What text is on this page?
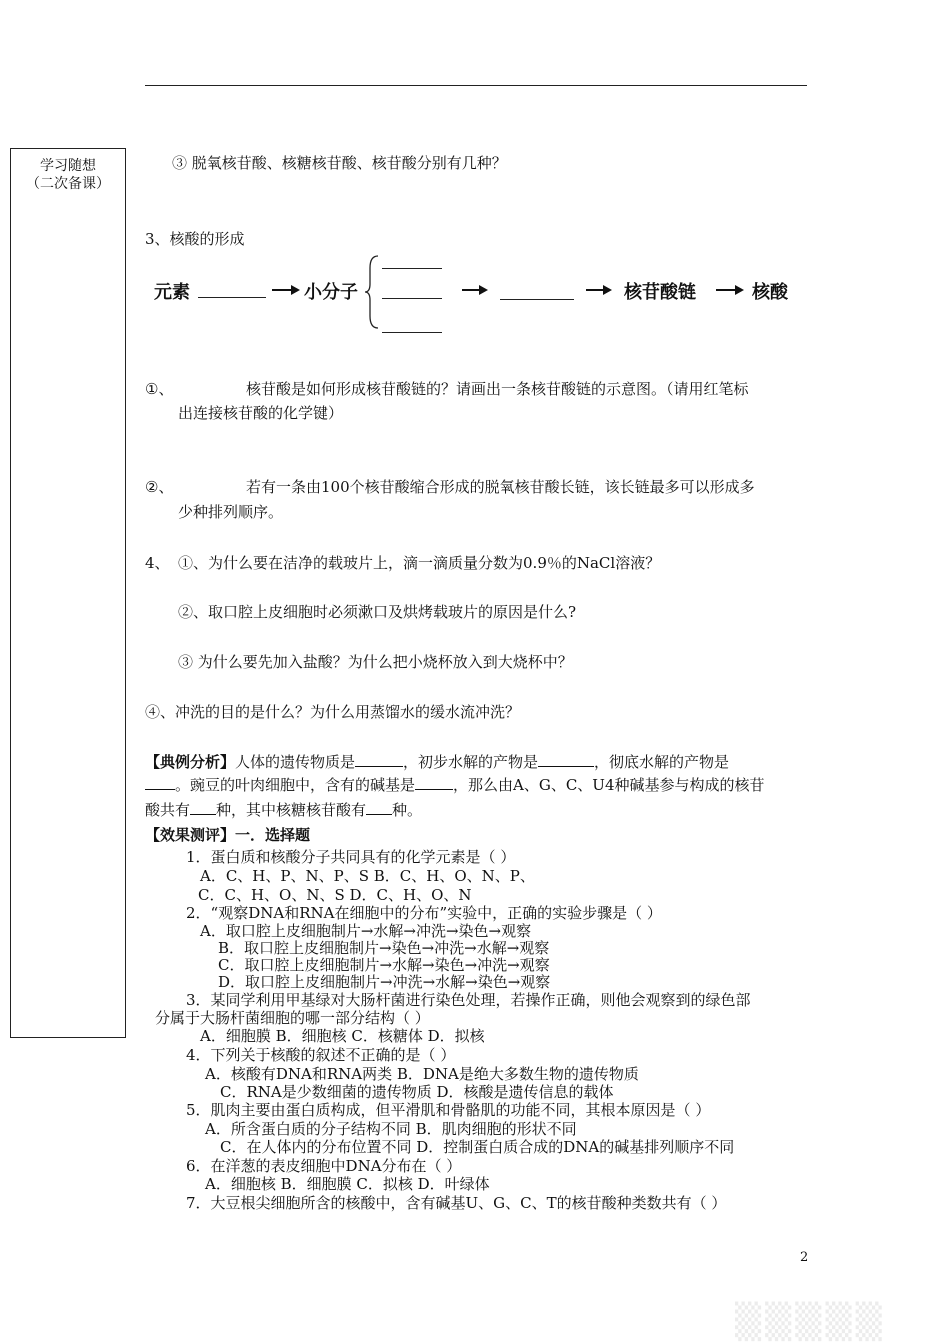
学习随想
（二次备课）
③ 脱氧核苷酸、核糖核苷酸、核苷酸分别有几种？
3、核酸的形成
元素	小分子	核苷酸链	核酸
①、	核苷酸是如何形成核苷酸链的？请画出一条核苷酸链的示意图。（请用红笔标
出连接核苷酸的化学键）
②、	若有一条由100个核苷酸缩合形成的脱氧核苷酸长链，该长链最多可以形成多
少种排列顺序。
4、 ①、为什么要在洁净的载玻片上，滴一滴质量分数为0.9％的NaCl溶液？
②、取口腔上皮细胞时必须漱口及烘烤载玻片的原因是什么?
③ 为什么要先加入盐酸？为什么把小烧杯放入到大烧杯中？
④、冲洗的目的是什么？为什么用蒸馏水的缓水流冲洗？
【典例分析】人体的遗传物质是	，初步水解的产物是	，彻底水解的产物是
。豌豆的叶肉细胞中，含有的碱基是	，那么由A、G、C、U4种碱基参与构成的核苷
酸共有 种，其中核糖核苷酸有 种。
【效果测评】一．选择题
1．蛋白质和核酸分子共同具有的化学元素是（ ）
A．C、H、P、N、P、S B．C、H、O、N、P、
C．C、H、O、N、S D．C、H、O、N
2．“观察DNA和RNA在细胞中的分布”实验中，正确的实验步骤是（ ）
A．取口腔上皮细胞制片→水解→冲洗→染色→观察
B．取口腔上皮细胞制片→染色→冲洗→水解→观察
C．取口腔上皮细胞制片→水解→染色→冲洗→观察
D．取口腔上皮细胞制片→冲洗→水解→染色→观察
3．某同学利用甲基绿对大肠杆菌进行染色处理，若操作正确，则他会观察到的绿色部
分属于大肠杆菌细胞的哪一部分结构（ ）
A．细胞膜 B．细胞核 C．核糖体 D．拟核
4．下列关于核酸的叙述不正确的是（ ）
A．核酸有DNA和RNA两类 B．DNA是绝大多数生物的遗传物质
C．RNA是少数细菌的遗传物质 D．核酸是遗传信息的载体
5．肌肉主要由蛋白质构成，但平滑肌和骨骼肌的功能不同，其根本原因是（ ）
A．所含蛋白质的分子结构不同 B．肌肉细胞的形状不同
C．在人体内的分布位置不同 D．控制蛋白质合成的DNA的碱基排列顺序不同
6．在洋葱的表皮细胞中DNA分布在（ ）
A．细胞核 B．细胞膜 C．拟核 D．叶绿体
7．大豆根尖细胞所含的核酸中，含有碱基U、G、C、T的核苷酸种类数共有（ ）
2
▒▒▒▒▒
